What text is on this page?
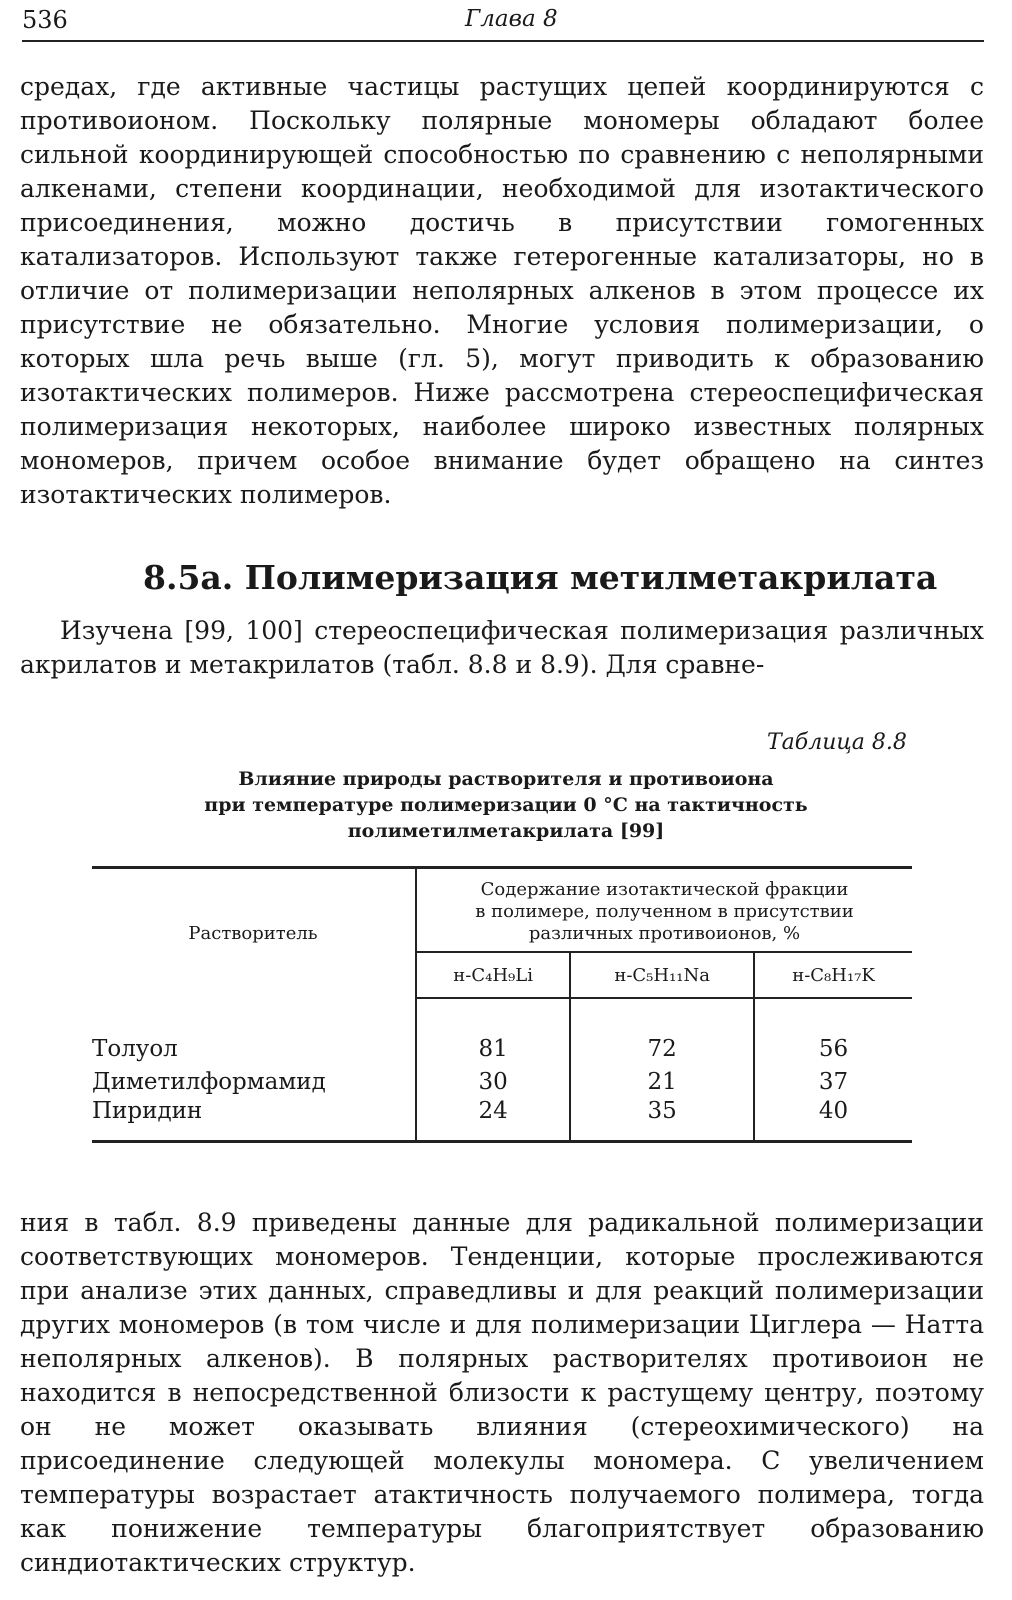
536	Глава 8

средах, где активные частицы растущих цепей координируются с противоионом. Поскольку полярные мономеры обладают более сильной координирующей способностью по сравнению с неполярными алкенами, степени координации, необходимой для изотактического присоединения, можно достичь в присутствии гомогенных катализаторов. Используют также гетерогенные катализаторы, но в отличие от полимеризации неполярных алкенов в этом процессе их присутствие не обязательно. Многие условия полимеризации, о которых шла речь выше (гл. 5), могут приводить к образованию изотактических полимеров. Ниже рассмотрена стереоспецифическая полимеризация некоторых, наиболее широко известных полярных мономеров, причем особое внимание будет обращено на синтез изотактических полимеров.

8.5а. Полимеризация метилметакрилата

Изучена [99, 100] стереоспецифическая полимеризация различных акрилатов и метакрилатов (табл. 8.8 и 8.9). Для сравне-

Таблица 8.8
Влияние природы растворителя и противоиона
при температуре полимеризации 0 °С на тактичность
полиметилметакрилата [99]
Растворитель	Содержание изотактической фракции
в полимере, полученном в присутствии
различных противоионов, %		

	н-C₄H₉Li	н-C₅H₁₁Na	н-C₈H₁₇K

Толуол	81	72	56
Диметилформамид	30	21	37
Пиридин	24	35	40

ния в табл. 8.9 приведены данные для радикальной полимеризации соответствующих мономеров. Тенденции, которые прослеживаются при анализе этих данных, справедливы и для реакций полимеризации других мономеров (в том числе и для полимеризации Циглера — Натта неполярных алкенов). В полярных растворителях противоион не находится в непосредственной близости к растущему центру, поэтому он не может оказывать влияния (стереохимического) на присоединение следующей молекулы мономера. С увеличением температуры возрастает атактичность получаемого полимера, тогда как понижение температуры благоприятствует образованию синдиотактических структур.
